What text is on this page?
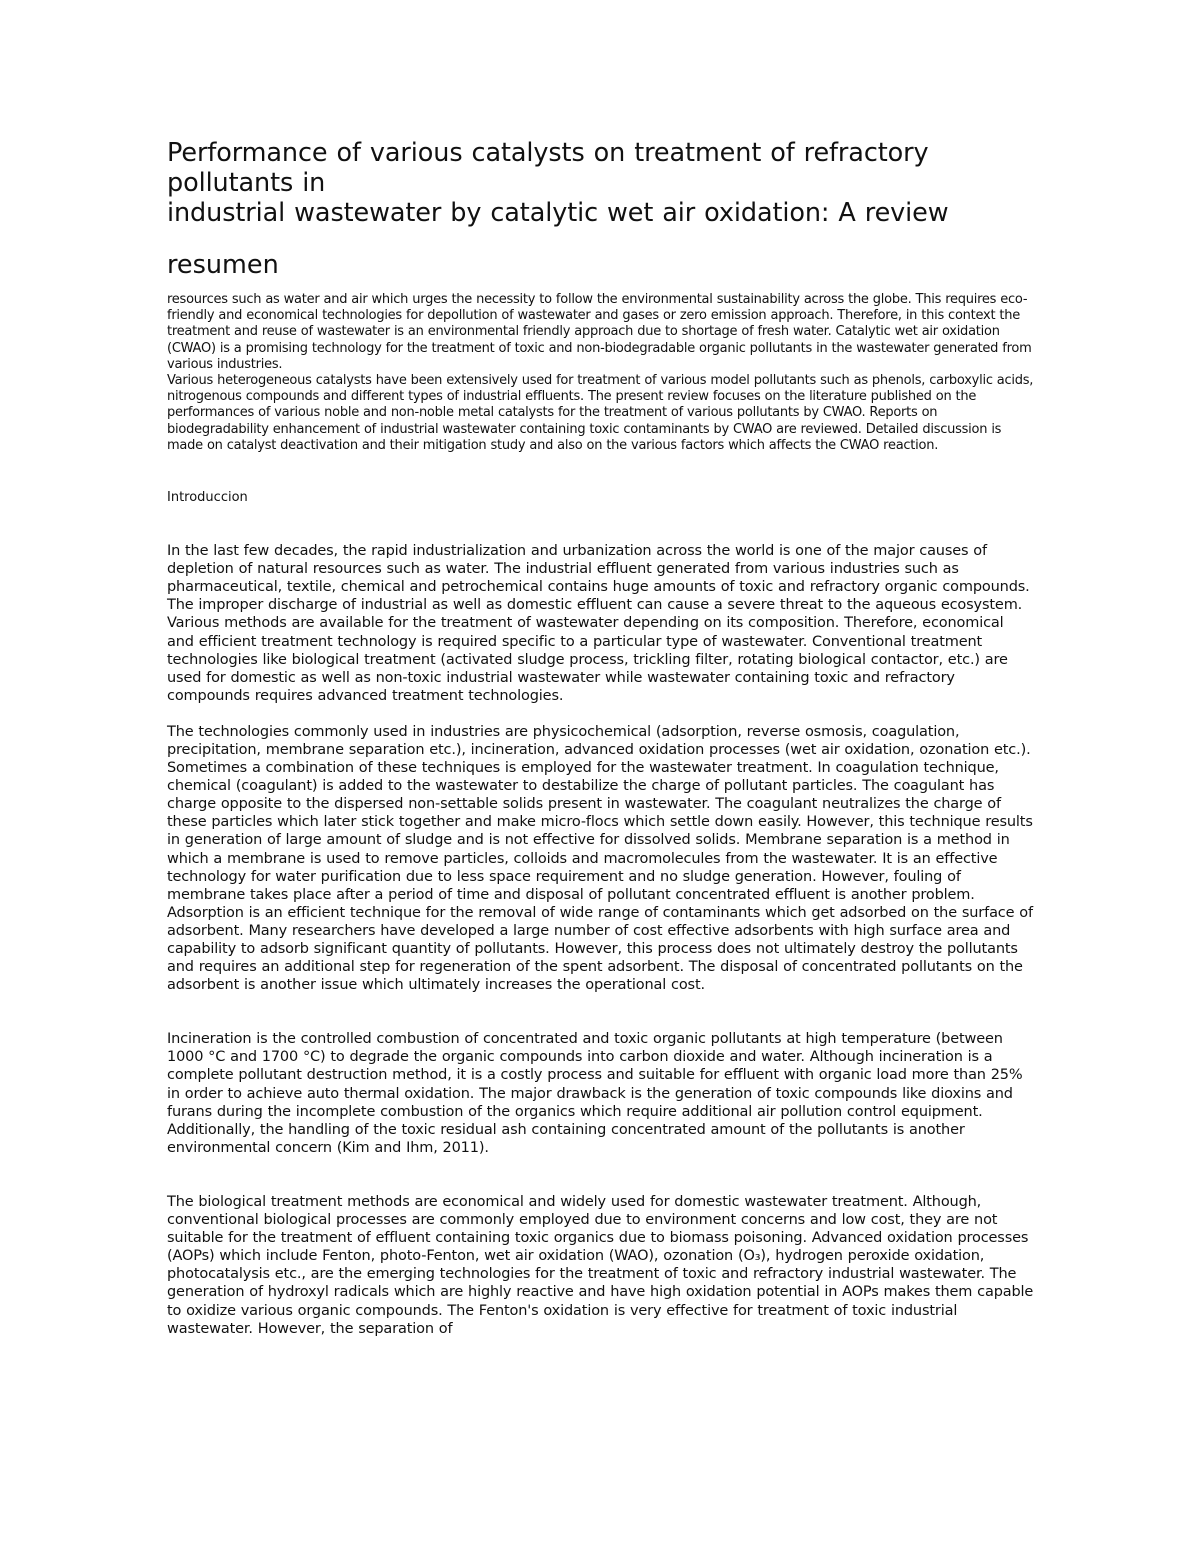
Performance of various catalysts on treatment of refractory
pollutants in
industrial wastewater by catalytic wet air oxidation: A review
resumen

resources such as water and air which urges the necessity to follow the environmental sustainability across the globe. This requires eco-friendly and economical technologies for depollution of wastewater and gases or zero emission approach. Therefore, in this context the treatment and reuse of wastewater is an environmental friendly approach due to shortage of fresh water. Catalytic wet air oxidation (CWAO) is a promising technology for the treatment of toxic and non-biodegradable organic pollutants in the wastewater generated from various industries.

Various heterogeneous catalysts have been extensively used for treatment of various model pollutants such as phenols, carboxylic acids, nitrogenous compounds and different types of industrial effluents. The present review focuses on the literature published on the performances of various noble and non-noble metal catalysts for the treatment of various pollutants by CWAO. Reports on biodegradability enhancement of industrial wastewater containing toxic contaminants by CWAO are reviewed. Detailed discussion is made on catalyst deactivation and their mitigation study and also on the various factors which affects the CWAO reaction.

Introduccion

In the last few decades, the rapid industrialization and urbanization across the world is one of the major causes of depletion of natural resources such as water. The industrial effluent generated from various industries such as pharmaceutical, textile, chemical and petrochemical contains huge amounts of toxic and refractory organic compounds. The improper discharge of industrial as well as domestic effluent can cause a severe threat to the aqueous ecosystem. Various methods are available for the treatment of wastewater depending on its composition. Therefore, economical and efficient treatment technology is required specific to a particular type of wastewater. Conventional treatment technologies like biological treatment (activated sludge process, trickling filter, rotating biological contactor, etc.) are used for domestic as well as non-toxic industrial wastewater while wastewater containing toxic and refractory compounds requires advanced treatment technologies.

The technologies commonly used in industries are physicochemical (adsorption, reverse osmosis, coagulation, precipitation, membrane separation etc.), incineration, advanced oxidation processes (wet air oxidation, ozonation etc.). Sometimes a combination of these techniques is employed for the wastewater treatment. In coagulation technique, chemical (coagulant) is added to the wastewater to destabilize the charge of pollutant particles. The coagulant has charge opposite to the dispersed non-settable solids present in wastewater. The coagulant neutralizes the charge of these particles which later stick together and make micro-flocs which settle down easily. However, this technique results in generation of large amount of sludge and is not effective for dissolved solids. Membrane separation is a method in which a membrane is used to remove particles, colloids and macromolecules from the wastewater. It is an effective technology for water purification due to less space requirement and no sludge generation. However, fouling of membrane takes place after a period of time and disposal of pollutant concentrated effluent is another problem. Adsorption is an efficient technique for the removal of wide range of contaminants which get adsorbed on the surface of adsorbent. Many researchers have developed a large number of cost effective adsorbents with high surface area and capability to adsorb significant quantity of pollutants. However, this process does not ultimately destroy the pollutants and requires an additional step for regeneration of the spent adsorbent. The disposal of concentrated pollutants on the adsorbent is another issue which ultimately increases the operational cost.

Incineration is the controlled combustion of concentrated and toxic organic pollutants at high temperature (between 1000 °C and 1700 °C) to degrade the organic compounds into carbon dioxide and water. Although incineration is a complete pollutant destruction method, it is a costly process and suitable for effluent with organic load more than 25% in order to achieve auto thermal oxidation. The major drawback is the generation of toxic compounds like dioxins and furans during the incomplete combustion of the organics which require additional air pollution control equipment. Additionally, the handling of the toxic residual ash containing concentrated amount of the pollutants is another environmental concern (Kim and Ihm, 2011).

The biological treatment methods are economical and widely used for domestic wastewater treatment. Although, conventional biological processes are commonly employed due to environment concerns and low cost, they are not suitable for the treatment of effluent containing toxic organics due to biomass poisoning. Advanced oxidation processes (AOPs) which include Fenton, photo-Fenton, wet air oxidation (WAO), ozonation (O₃), hydrogen peroxide oxidation, photocatalysis etc., are the emerging technologies for the treatment of toxic and refractory industrial wastewater. The generation of hydroxyl radicals which are highly reactive and have high oxidation potential in AOPs makes them capable to oxidize various organic compounds. The Fenton's oxidation is very effective for treatment of toxic industrial wastewater. However, the separation of
